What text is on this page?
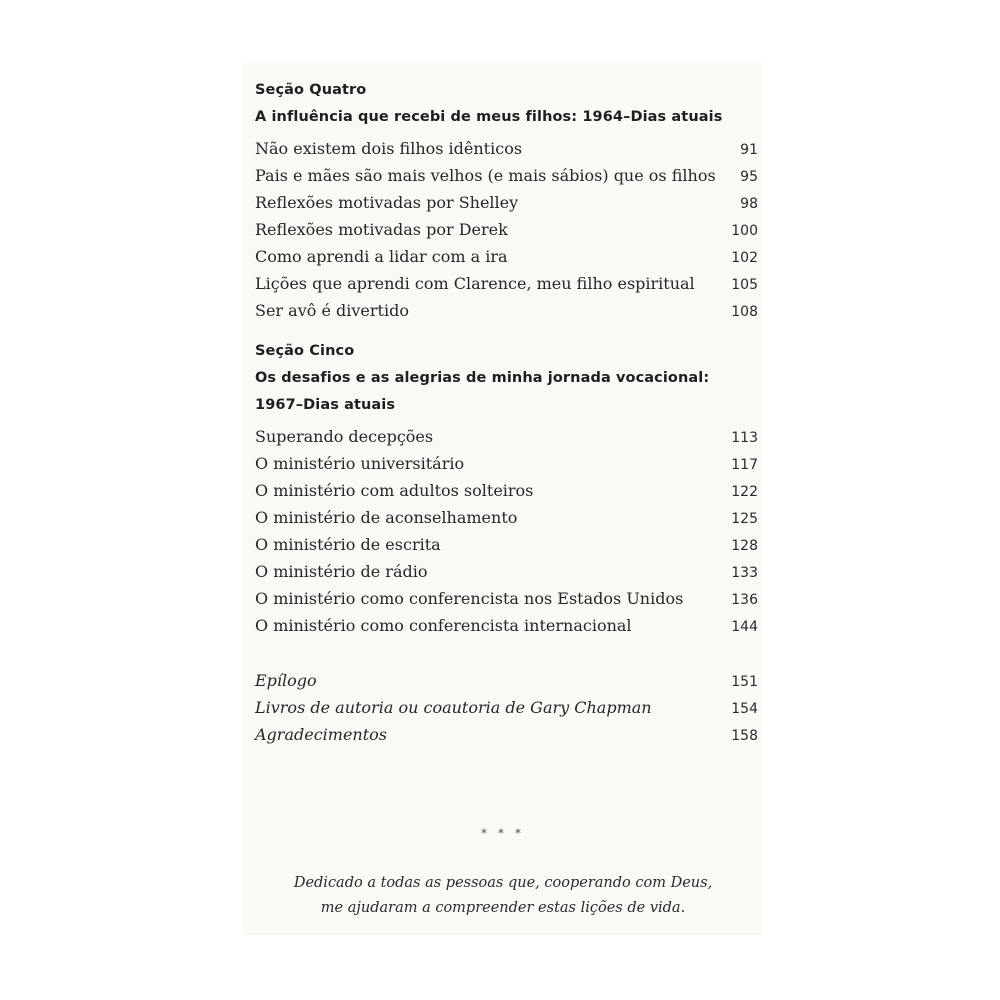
Seção Quatro
A influência que recebi de meus filhos: 1964–Dias atuais
Não existem dois filhos idênticos	91
Pais e mães são mais velhos (e mais sábios) que os filhos	95
Reflexões motivadas por Shelley	98
Reflexões motivadas por Derek	100
Como aprendi a lidar com a ira	102
Lições que aprendi com Clarence, meu filho espiritual	105
Ser avô é divertido	108
Seção Cinco
Os desafios e as alegrias de minha jornada vocacional:
1967–Dias atuais
Superando decepções	113
O ministério universitário	117
O ministério com adultos solteiros	122
O ministério de aconselhamento	125
O ministério de escrita	128
O ministério de rádio	133
O ministério como conferencista nos Estados Unidos	136
O ministério como conferencista internacional	144
Epílogo	151
Livros de autoria ou coautoria de Gary Chapman	154
Agradecimentos	158
* * *
Dedicado a todas as pessoas que, cooperando com Deus,
me ajudaram a compreender estas lições de vida.
